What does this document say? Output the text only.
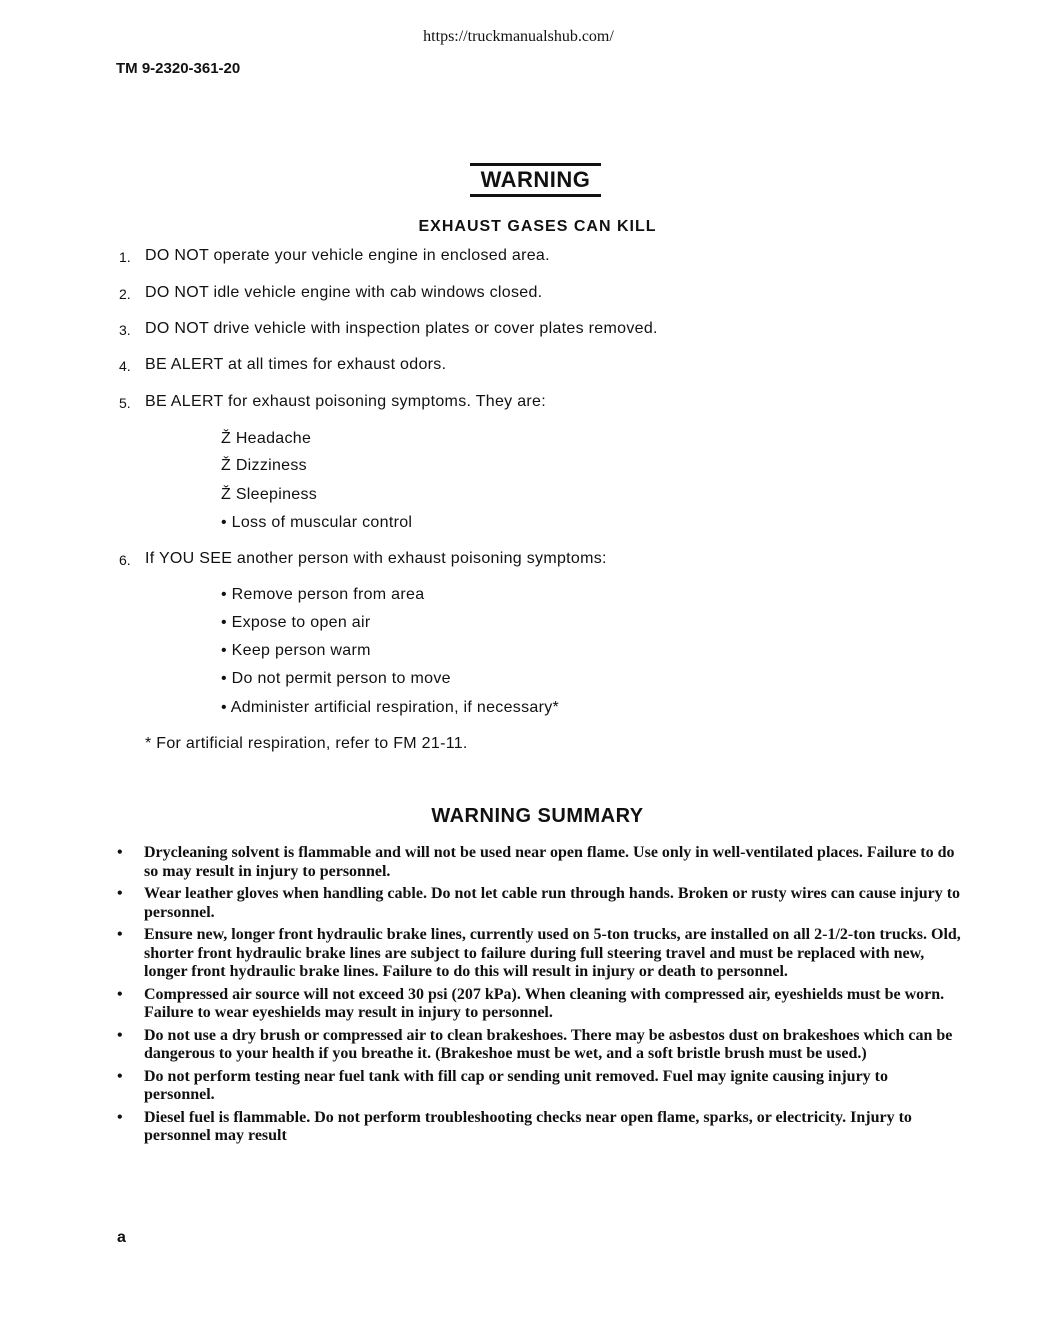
https://truckmanualshub.com/
TM 9-2320-361-20
WARNING
EXHAUST GASES CAN KILL
1. DO NOT operate your vehicle engine in enclosed area.
2. DO NOT idle vehicle engine with cab windows closed.
3. DO NOT drive vehicle with inspection plates or cover plates removed.
4. BE ALERT at all times for exhaust odors.
5. BE ALERT for exhaust poisoning symptoms. They are:
Ž Headache
Ž Dizziness
Ž Sleepiness
• Loss of muscular control
6. If YOU SEE another person with exhaust poisoning symptoms:
• Remove person from area
• Expose to open air
• Keep person warm
• Do not permit person to move
• Administer artificial respiration, if necessary*
* For artificial respiration, refer to FM 21-11.
WARNING SUMMARY
•	Drycleaning solvent is flammable and will not be used near open flame. Use only in well-ventilated places. Failure to do so may result in injury to personnel.
•	Wear leather gloves when handling cable. Do not let cable run through hands. Broken or rusty wires can cause injury to personnel.
•	Ensure new, longer front hydraulic brake lines, currently used on 5-ton trucks, are installed on all 2-1/2-ton trucks. Old, shorter front hydraulic brake lines are subject to failure during full steering travel and must be replaced with new, longer front hydraulic brake lines. Failure to do this will result in injury or death to personnel.
•	Compressed air source will not exceed 30 psi (207 kPa). When cleaning with compressed air, eyeshields must be worn. Failure to wear eyeshields may result in injury to personnel.
•	Do not use a dry brush or compressed air to clean brakeshoes. There may be asbestos dust on brakeshoes which can be dangerous to your health if you breathe it. (Brakeshoe must be wet, and a soft bristle brush must be used.)
•	Do not perform testing near fuel tank with fill cap or sending unit removed. Fuel may ignite causing injury to personnel.
•	Diesel fuel is flammable. Do not perform troubleshooting checks near open flame, sparks, or electricity. Injury to personnel may result
a
